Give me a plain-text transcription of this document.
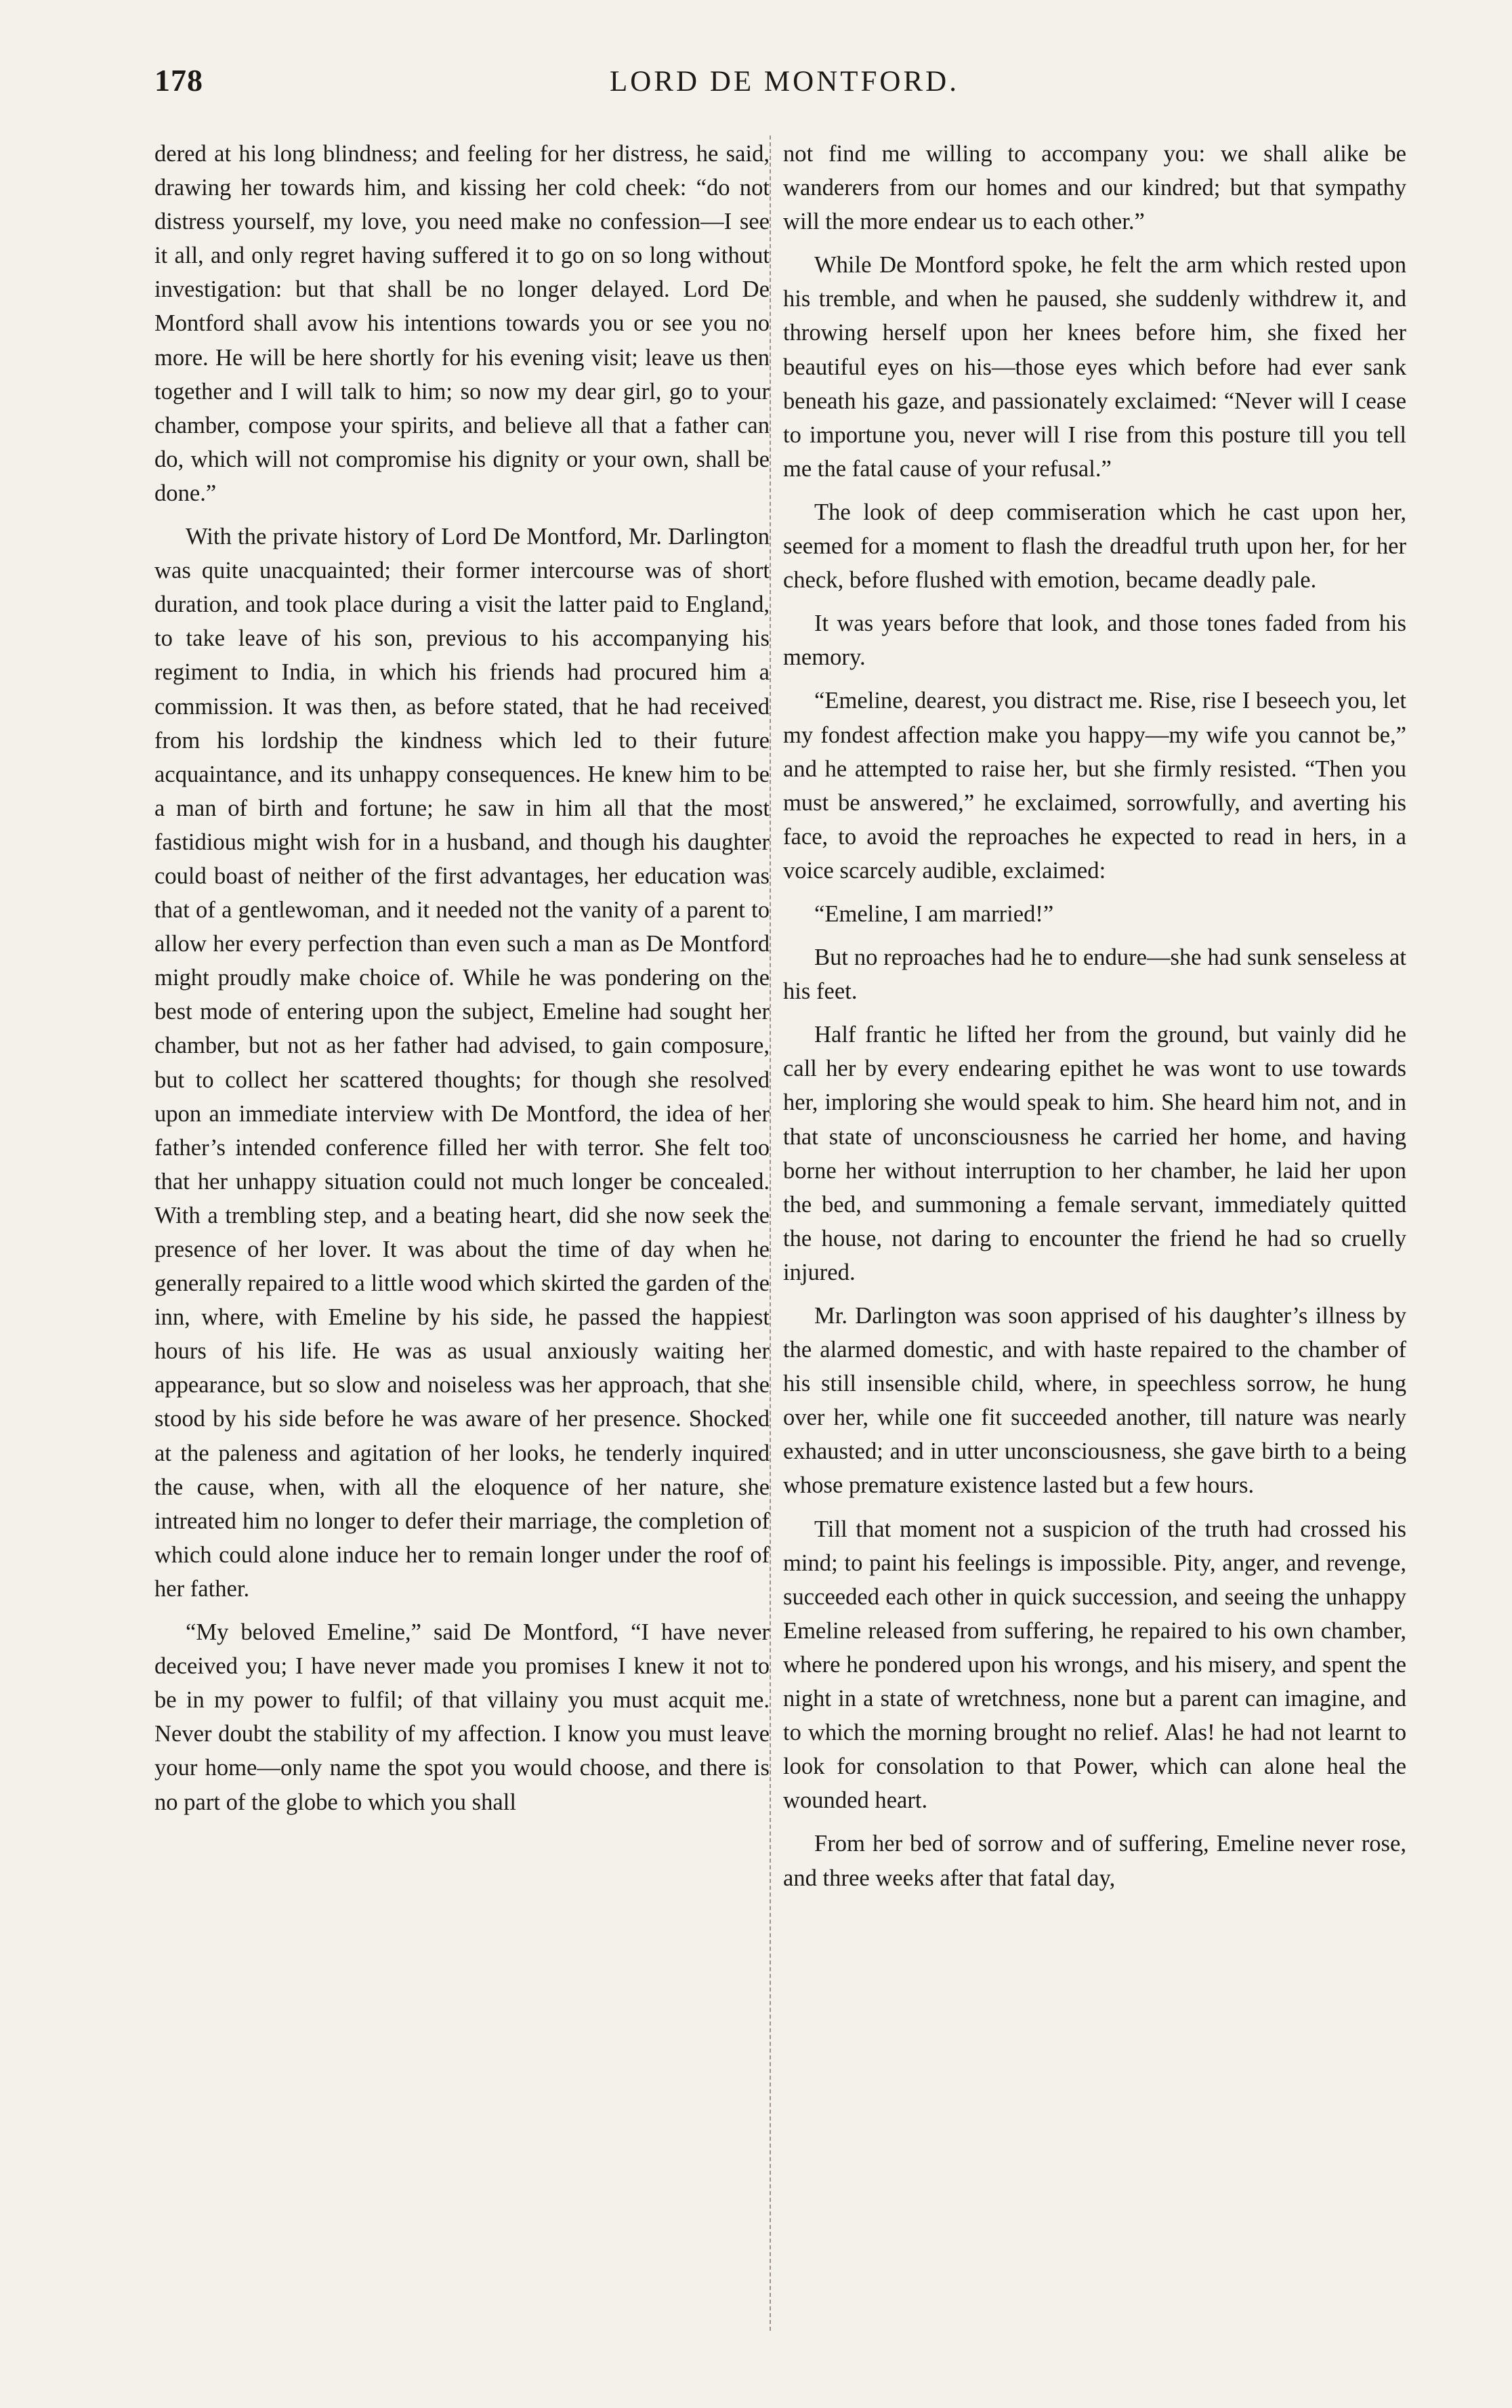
178	LORD DE MONTFORD.

dered at his long blindness; and feeling for her distress, he said, drawing her towards him, and kissing her cold cheek: “do not distress yourself, my love, you need make no confession—I see it all, and only regret having suffered it to go on so long without investigation: but that shall be no longer delayed. Lord De Montford shall avow his intentions towards you or see you no more. He will be here shortly for his evening visit; leave us then together and I will talk to him; so now my dear girl, go to your chamber, compose your spirits, and believe all that a father can do, which will not compromise his dignity or your own, shall be done.”

With the private history of Lord De Montford, Mr. Darlington was quite unacquainted; their former intercourse was of short duration, and took place during a visit the latter paid to England, to take leave of his son, previous to his accompanying his regiment to India, in which his friends had procured him a commission. It was then, as before stated, that he had received from his lordship the kindness which led to their future acquaintance, and its unhappy consequences. He knew him to be a man of birth and fortune; he saw in him all that the most fastidious might wish for in a husband, and though his daughter could boast of neither of the first advantages, her education was that of a gentlewoman, and it needed not the vanity of a parent to allow her every perfection than even such a man as De Montford might proudly make choice of. While he was pondering on the best mode of entering upon the subject, Emeline had sought her chamber, but not as her father had advised, to gain composure, but to collect her scattered thoughts; for though she resolved upon an immediate interview with De Montford, the idea of her father’s intended conference filled her with terror. She felt too that her unhappy situation could not much longer be concealed. With a trembling step, and a beating heart, did she now seek the presence of her lover. It was about the time of day when he generally repaired to a little wood which skirted the garden of the inn, where, with Emeline by his side, he passed the happiest hours of his life. He was as usual anxiously waiting her appearance, but so slow and noiseless was her approach, that she stood by his side before he was aware of her presence. Shocked at the paleness and agitation of her looks, he tenderly inquired the cause, when, with all the eloquence of her nature, she intreated him no longer to defer their marriage, the completion of which could alone induce her to remain longer under the roof of her father.

“My beloved Emeline,” said De Montford, “I have never deceived you; I have never made you promises I knew it not to be in my power to fulfil; of that villainy you must acquit me. Never doubt the stability of my affection. I know you must leave your home—only name the spot you would choose, and there is no part of the globe to which you shall

not find me willing to accompany you: we shall alike be wanderers from our homes and our kindred; but that sympathy will the more endear us to each other.”

While De Montford spoke, he felt the arm which rested upon his tremble, and when he paused, she suddenly withdrew it, and throwing herself upon her knees before him, she fixed her beautiful eyes on his—those eyes which before had ever sank beneath his gaze, and passionately exclaimed: “Never will I cease to importune you, never will I rise from this posture till you tell me the fatal cause of your refusal.”

The look of deep commiseration which he cast upon her, seemed for a moment to flash the dreadful truth upon her, for her check, before flushed with emotion, became deadly pale.

It was years before that look, and those tones faded from his memory.

“Emeline, dearest, you distract me. Rise, rise I beseech you, let my fondest affection make you happy—my wife you cannot be,” and he attempted to raise her, but she firmly resisted. “Then you must be answered,” he exclaimed, sorrowfully, and averting his face, to avoid the reproaches he expected to read in hers, in a voice scarcely audible, exclaimed:

“Emeline, I am married!”

But no reproaches had he to endure—she had sunk senseless at his feet.

Half frantic he lifted her from the ground, but vainly did he call her by every endearing epithet he was wont to use towards her, imploring she would speak to him. She heard him not, and in that state of unconsciousness he carried her home, and having borne her without interruption to her chamber, he laid her upon the bed, and summoning a female servant, immediately quitted the house, not daring to encounter the friend he had so cruelly injured.

Mr. Darlington was soon apprised of his daughter’s illness by the alarmed domestic, and with haste repaired to the chamber of his still insensible child, where, in speechless sorrow, he hung over her, while one fit succeeded another, till nature was nearly exhausted; and in utter unconsciousness, she gave birth to a being whose premature existence lasted but a few hours.

Till that moment not a suspicion of the truth had crossed his mind; to paint his feelings is impossible. Pity, anger, and revenge, succeeded each other in quick succession, and seeing the unhappy Emeline released from suffering, he repaired to his own chamber, where he pondered upon his wrongs, and his misery, and spent the night in a state of wretchness, none but a parent can imagine, and to which the morning brought no relief. Alas! he had not learnt to look for consolation to that Power, which can alone heal the wounded heart.

From her bed of sorrow and of suffering, Emeline never rose, and three weeks after that fatal day,
